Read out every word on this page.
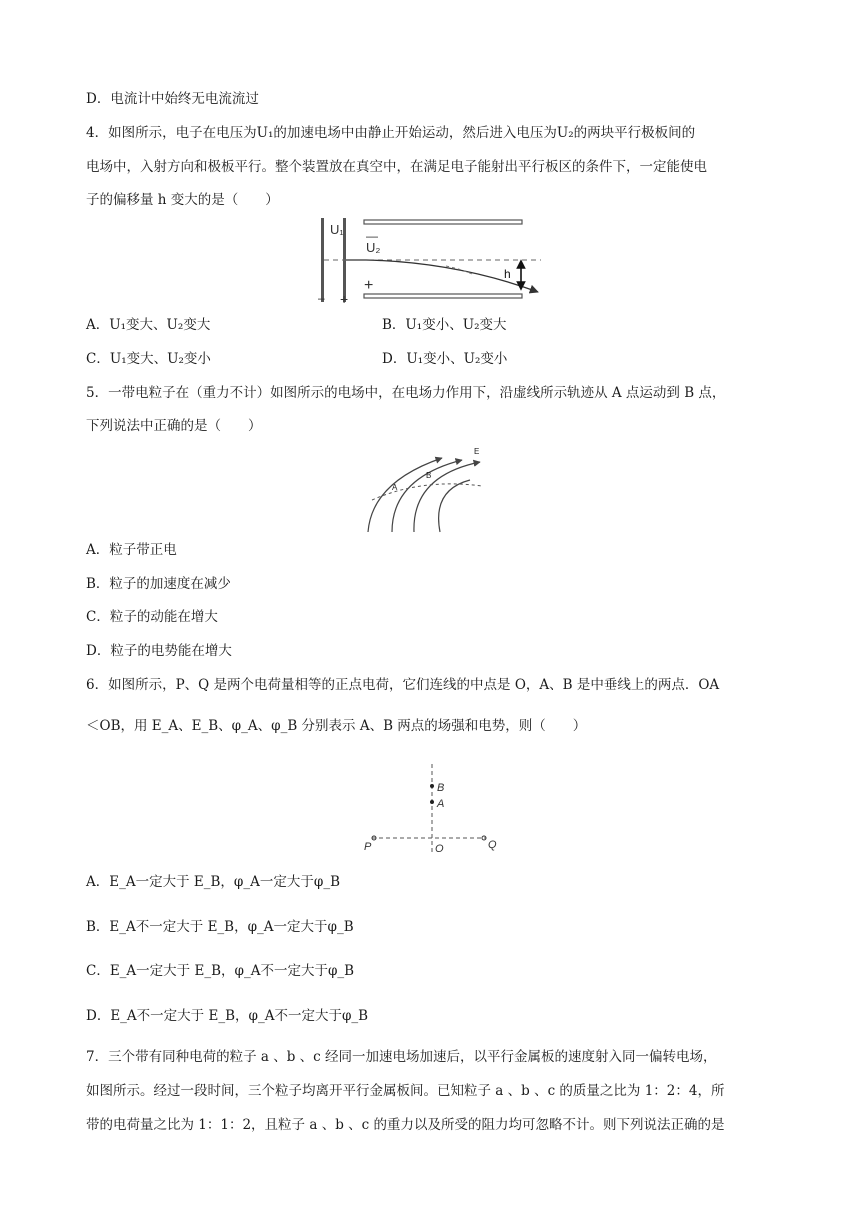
D．电流计中始终无电流流过
4．如图所示，电子在电压为U₁的加速电场中由静止开始运动，然后进入电压为U₂的两块平行极板间的
电场中，入射方向和极板平行。整个装置放在真空中，在满足电子能射出平行板区的条件下，一定能使电
子的偏移量 h 变大的是（　　）
U₁
U₂
h
—
+
– +
A．U₁变大、U₂变大	B．U₁变小、U₂变大
C．U₁变大、U₂变小	D．U₁变小、U₂变小
5．一带电粒子在（重力不计）如图所示的电场中，在电场力作用下，沿虚线所示轨迹从 A 点运动到 B 点，
下列说法中正确的是（　　）
A
B
E
A．粒子带正电
B．粒子的加速度在减少
C．粒子的动能在增大
D．粒子的电势能在增大
6．如图所示，P、Q 是两个电荷量相等的正点电荷，它们连线的中点是 O，A、B 是中垂线上的两点．OA
＜OB，用 E_A、E_B、φ_A、φ_B 分别表示 A、B 两点的场强和电势，则（　　）
P	Q
O
B
A
A．E_A一定大于 E_B，φ_A一定大于φ_B
B．E_A不一定大于 E_B，φ_A一定大于φ_B
C．E_A一定大于 E_B，φ_A不一定大于φ_B
D．E_A不一定大于 E_B，φ_A不一定大于φ_B
7．三个带有同种电荷的粒子 a 、b 、c 经同一加速电场加速后，以平行金属板的速度射入同一偏转电场，
如图所示。经过一段时间，三个粒子均离开平行金属板间。已知粒子 a 、b 、c 的质量之比为 1：2：4，所
带的电荷量之比为 1：1：2，且粒子 a 、b 、c 的重力以及所受的阻力均可忽略不计。则下列说法正确的是
